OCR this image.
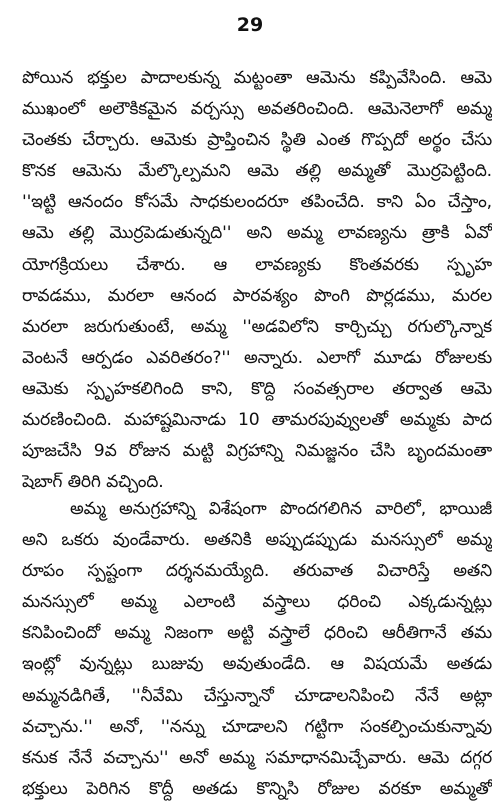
29
పోయిన భక్తుల పాదాలకున్న మట్టంతా ఆమెను కప్పివేసింది. ఆమె
ముఖంలో అలౌకికమైన వర్చస్సు అవతరించింది. ఆమెనెలాగో అమ్మ
చెంతకు చేర్చారు. ఆమెకు ప్రాప్తించిన స్థితి ఎంత గొప్పదో అర్థం చేసు
కొనక ఆమెను మేల్కొల్పమని ఆమె తల్లి అమ్మతో మొర్రపెట్టింది.
''ఇట్టి ఆనందం కోసమే సాధకులందరూ తపించేది. కాని ఏం చేస్తాం,
ఆమె తల్లి మొర్రపెడుతున్నది'' అని అమ్మ లావణ్యను త్రాకి ఏవో
యోగక్రియలు చేశారు. ఆ లావణ్యకు కొంతవరకు స్పృహ
రావడము, మరలా ఆనంద పారవశ్యం పొంగి పొర్లడము, మరల
మరలా జరుగుతుంటే, అమ్మ ''అడవిలోని కార్చిచ్చు రగుల్కొన్నాక
వెంటనే ఆర్పడం ఎవరితరం?'' అన్నారు. ఎలాగో మూడు రోజులకు
ఆమెకు స్పృహకలిగింది కాని, కొద్ది సంవత్సరాల తర్వాత ఆమె
మరణించింది. మహాష్టమినాడు 10 తామరపువ్వులతో అమ్మకు పాద
పూజచేసి 9వ రోజున మట్టి విగ్రహాన్ని నిమజ్జనం చేసి బృందమంతా
షెబాగ్ తిరిగి వచ్చింది.
అమ్మ అనుగ్రహాన్ని విశేషంగా పొందగలిగిన వారిలో, భాయిజీ
అని ఒకరు వుండేవారు. అతనికి అప్పుడప్పుడు మనస్సులో అమ్మ
రూపం స్పష్టంగా దర్శనమయ్యేది. తరువాత విచారిస్తే అతని
మనస్సులో అమ్మ ఎలాంటి వస్త్రాలు ధరించి ఎక్కడున్నట్లు
కనిపించిందో అమ్మ నిజంగా అట్టి వస్త్రాలే ధరించి ఆరీతిగానే తమ
ఇంట్లో వున్నట్లు బుజువు అవుతుండేది. ఆ విషయమే అతడు
అమ్మనడిగితే, ''నీవేమి చేస్తున్నానో చూడాలనిపించి నేనే అట్లా
వచ్చాను.'' అనో, ''నన్ను చూడాలని గట్టిగా సంకల్పించుకున్నావు
కనుక నేనే వచ్చాను'' అనో అమ్మ సమాధానమిచ్చేవారు. ఆమె దగ్గర
భక్తులు పెరిగిన కొద్దీ అతడు కొన్నిసి రోజుల వరకూ అమ్మతో
